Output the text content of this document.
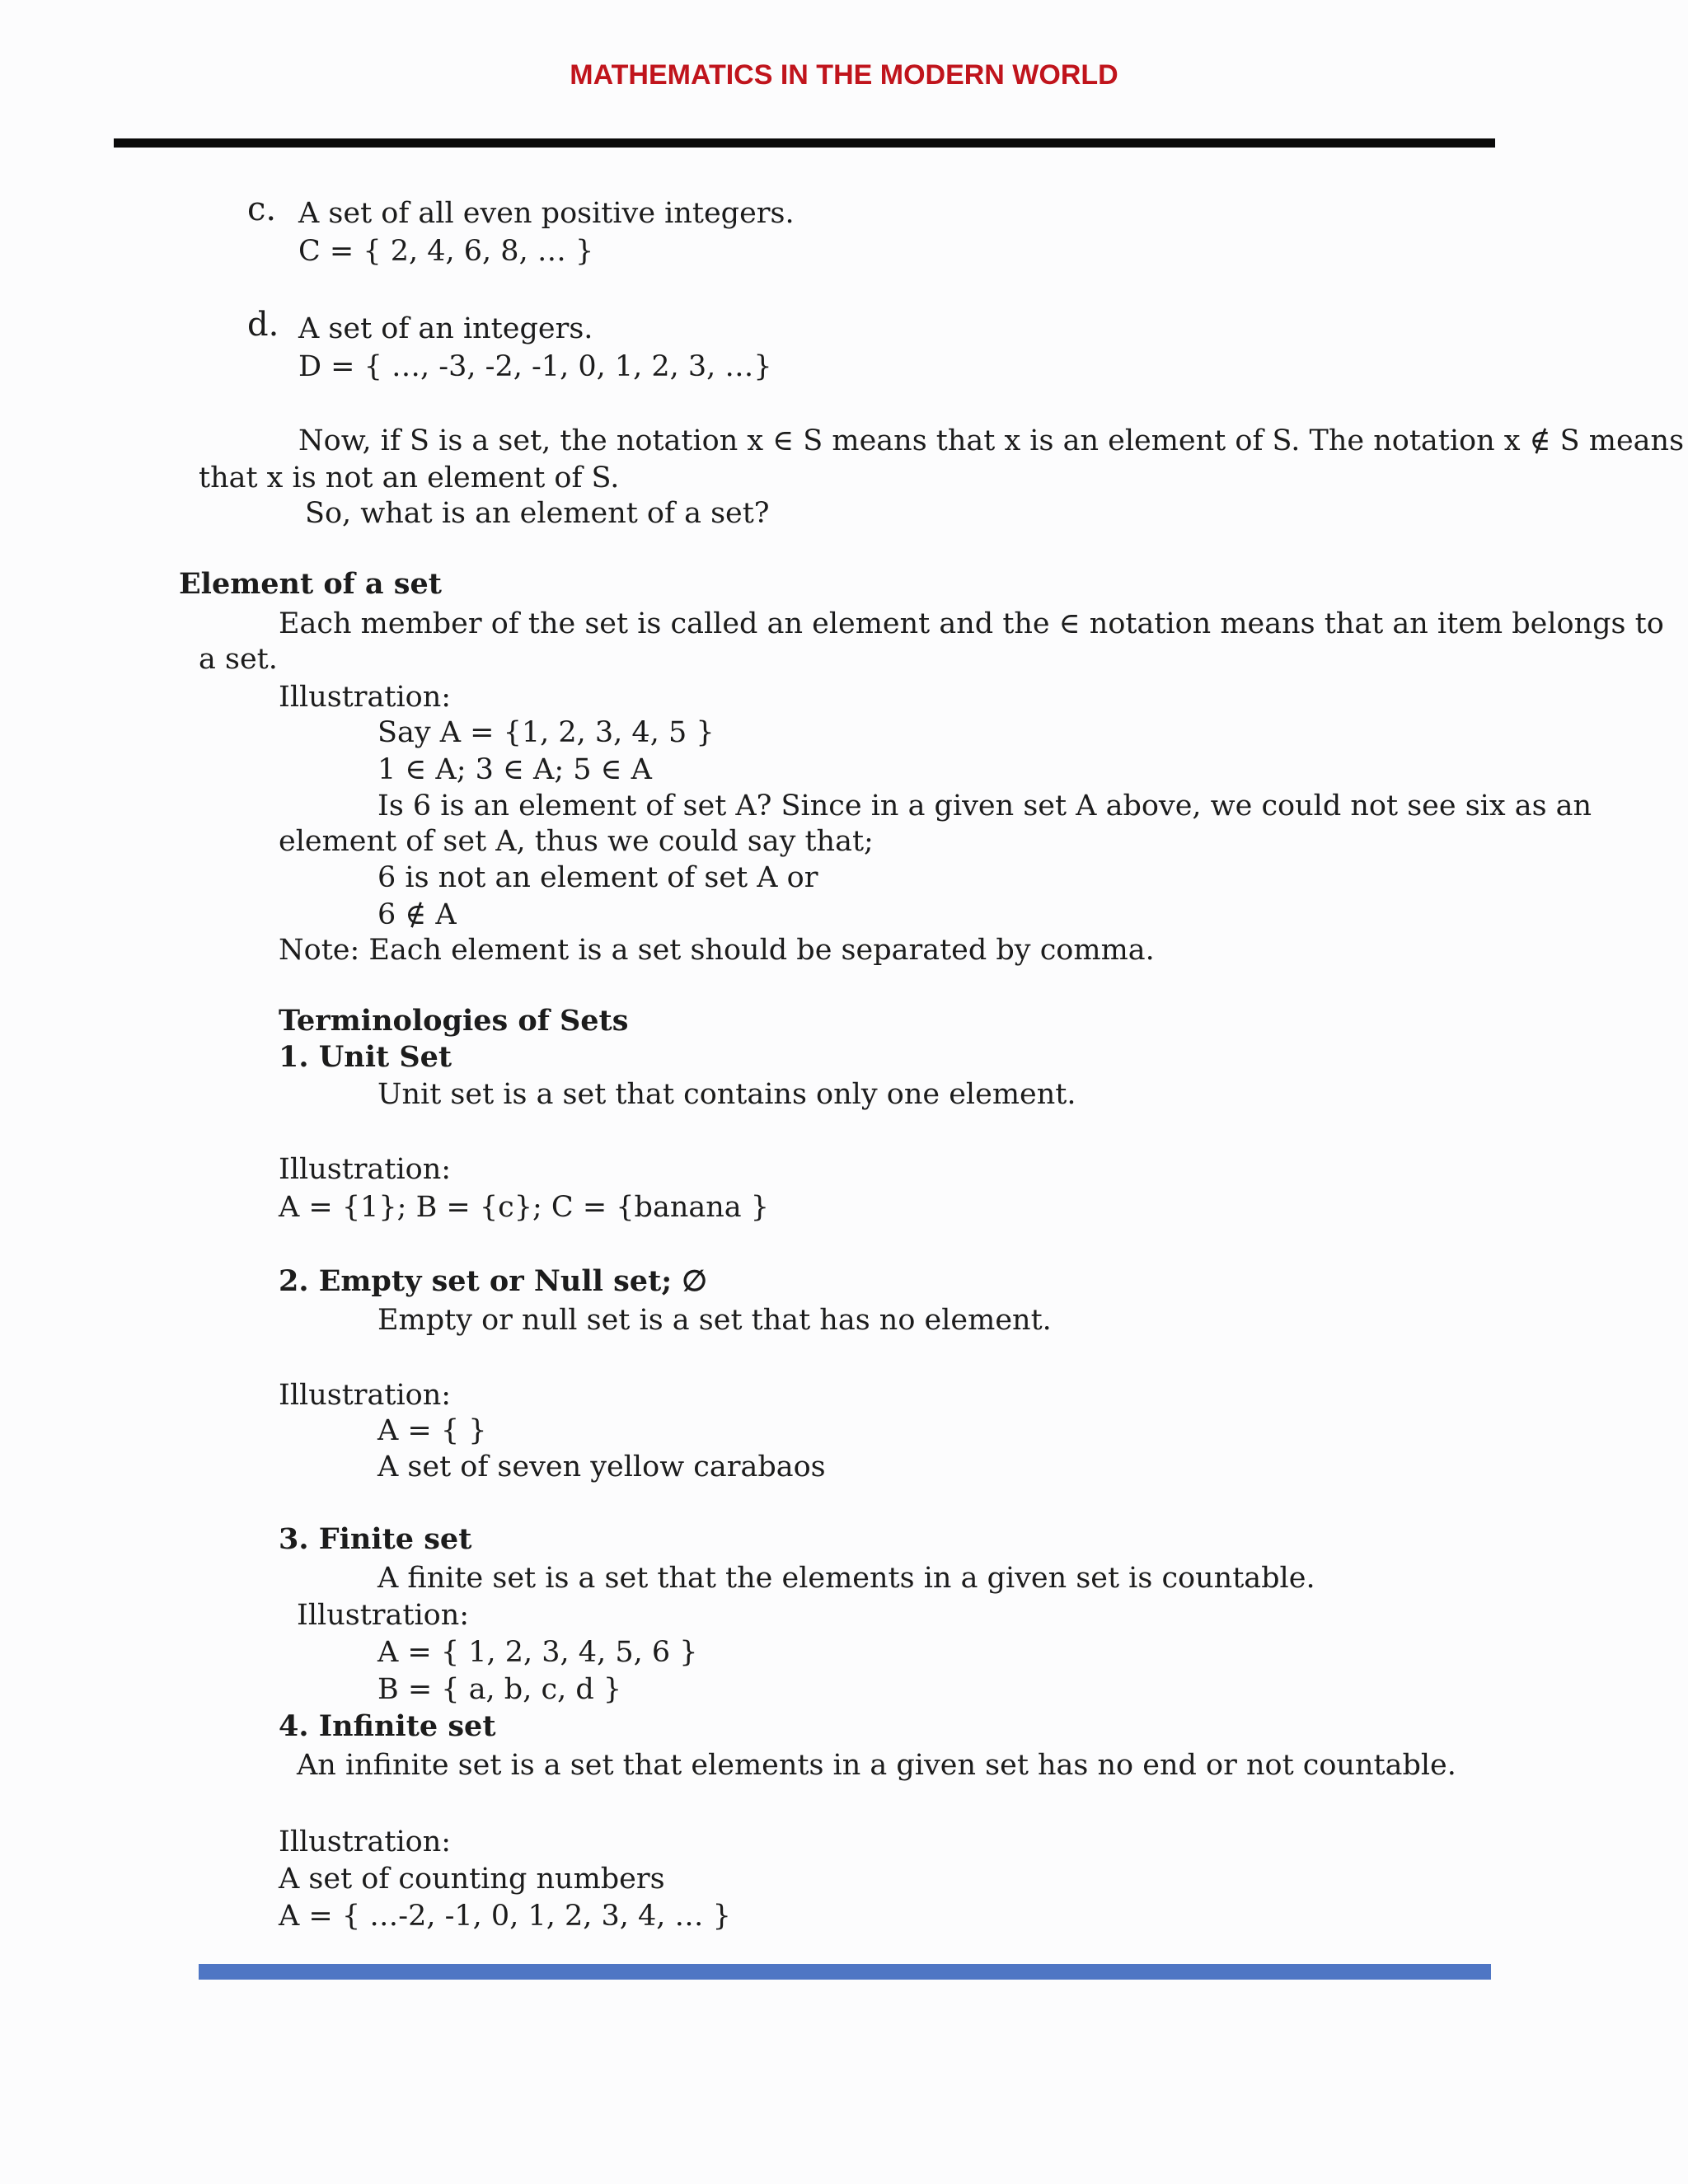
MATHEMATICS IN THE MODERN WORLD
c. A set of all even positive integers.
C = { 2, 4, 6, 8, … }
d. A set of an integers.
D = { …, -3, -2, -1, 0, 1, 2, 3, …}
Now, if S is a set, the notation x ∈ S means that x is an element of S. The notation x ∉ S means
that x is not an element of S.
So, what is an element of a set?
Element of a set
Each member of the set is called an element and the ∈ notation means that an item belongs to
a set.
Illustration:
Say A = {1, 2, 3, 4, 5 }
1 ∈ A; 3 ∈ A; 5 ∈ A
Is 6 is an element of set A? Since in a given set A above, we could not see six as an
element of set A, thus we could say that;
6 is not an element of set A or
6 ∉ A
Note: Each element is a set should be separated by comma.
Terminologies of Sets
1. Unit Set
Unit set is a set that contains only one element.
Illustration:
A = {1}; B = {c}; C = {banana }
2. Empty set or Null set; ∅
Empty or null set is a set that has no element.
Illustration:
A = { }
A set of seven yellow carabaos
3. Finite set
A finite set is a set that the elements in a given set is countable.
Illustration:
A = { 1, 2, 3, 4, 5, 6 }
B = { a, b, c, d }
4. Infinite set
An infinite set is a set that elements in a given set has no end or not countable.
Illustration:
A set of counting numbers
A = { …-2, -1, 0, 1, 2, 3, 4, … }
